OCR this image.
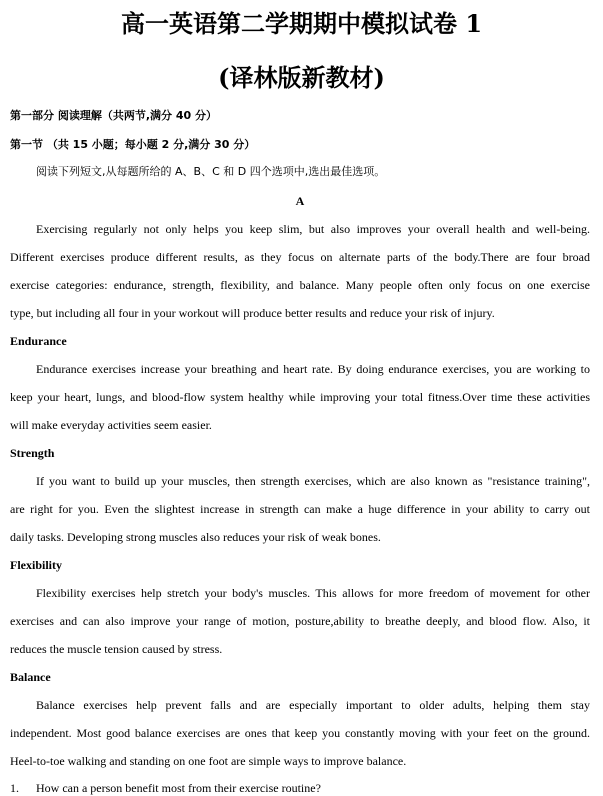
高一英语第二学期期中模拟试卷 1
(译林版新教材)

第一部分 阅读理解（共两节,满分 40 分）

第一节 （共 15 小题；每小题 2 分,满分 30 分）

阅读下列短文,从每题所给的 A、B、C 和 D 四个选项中,选出最佳选项。

A

Exercising regularly not only helps you keep slim, but also improves your overall health and well-being.

Different exercises produce different results, as they focus on alternate parts of the body.There are four broad

exercise categories: endurance, strength, flexibility, and balance. Many people often only focus on one exercise

type, but including all four in your workout will produce better results and reduce your risk of injury.

Endurance

Endurance exercises increase your breathing and heart rate. By doing endurance exercises, you are working to

keep your heart, lungs, and blood-flow system healthy while improving your total fitness.Over time these activities

will make everyday activities seem easier.

Strength

If you want to build up your muscles, then strength exercises, which are also known as "resistance training",

are right for you. Even the slightest increase in strength can make a huge difference in your ability to carry out

daily tasks. Developing strong muscles also reduces your risk of weak bones.

Flexibility

Flexibility exercises help stretch your body's muscles. This allows for more freedom of movement for other

exercises and can also improve your range of motion, posture,ability to breathe deeply, and blood flow. Also, it

reduces the muscle tension caused by stress.

Balance

Balance exercises help prevent falls and are especially important to older adults, helping them stay

independent. Most good balance exercises are ones that keep you constantly moving with your feet on the ground.

Heel-to-toe walking and standing on one foot are simple ways to improve balance.

1. How can a person benefit most from their exercise routine?
